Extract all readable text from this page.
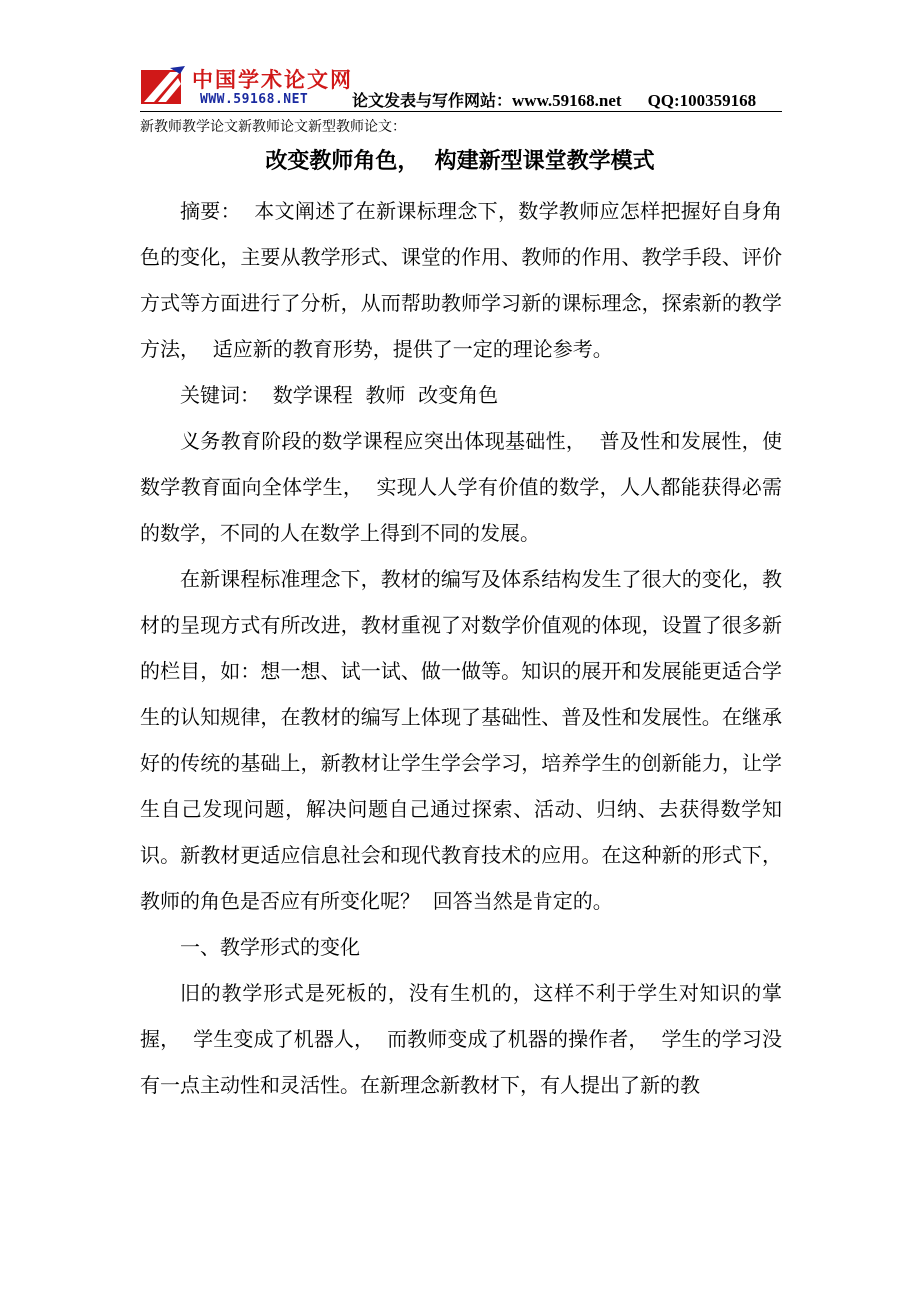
中国学术论文网
WWW.59168.NET	论文发表与写作网站：www.59168.net QQ:100359168
新教师教学论文新教师论文新型教师论文：
改变教师角色，  构建新型课堂教学模式

摘要：  本文阐述了在新课标理念下，数学教师应怎样把握好自身角色的变化，主要从教学形式、课堂的作用、教师的作用、教学手段、评价方式等方面进行了分析，从而帮助教师学习新的课标理念，探索新的教学方法，  适应新的教育形势，提供了一定的理论参考。

关键词：  数学课程  教师  改变角色

义务教育阶段的数学课程应突出体现基础性，  普及性和发展性，使数学教育面向全体学生，  实现人人学有价值的数学，人人都能获得必需的数学，不同的人在数学上得到不同的发展。

在新课程标准理念下，教材的编写及体系结构发生了很大的变化，教材的呈现方式有所改进，教材重视了对数学价值观的体现，设置了很多新的栏目，如：想一想、试一试、做一做等。知识的展开和发展能更适合学生的认知规律，在教材的编写上体现了基础性、普及性和发展性。在继承好的传统的基础上，新教材让学生学会学习，培养学生的创新能力，让学生自己发现问题，解决问题自己通过探索、活动、归纳、去获得数学知识。新教材更适应信息社会和现代教育技术的应用。在这种新的形式下，教师的角色是否应有所变化呢？  回答当然是肯定的。

一、教学形式的变化

旧的教学形式是死板的，没有生机的，这样不利于学生对知识的掌握，  学生变成了机器人，  而教师变成了机器的操作者，  学生的学习没有一点主动性和灵活性。在新理念新教材下，有人提出了新的教
